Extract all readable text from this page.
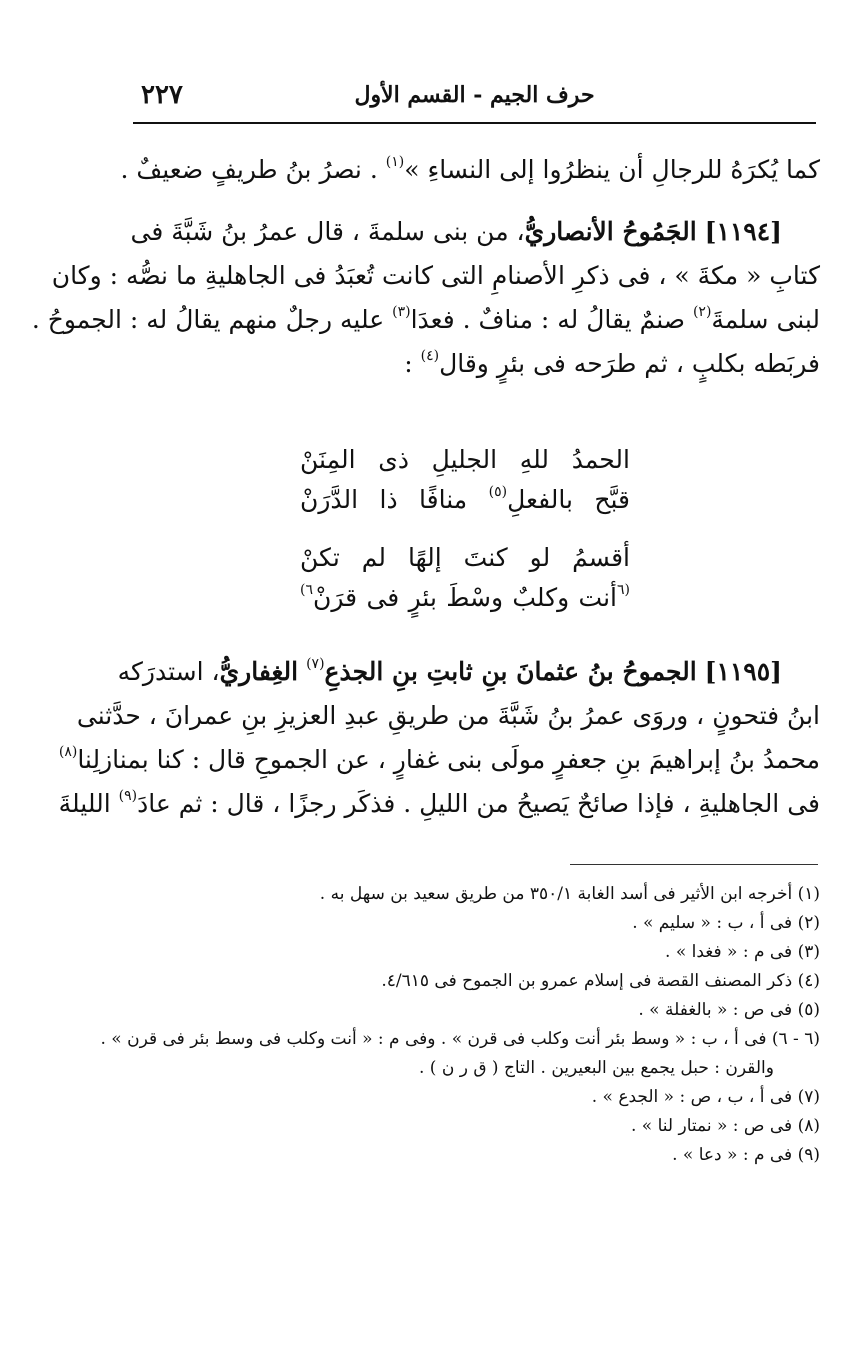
٢٢٧	حرف الجيم - القسم الأول
كما يُكرَهُ للرجالِ أن ينظرُوا إلى النساءِ »$^{(١)}$ . نصرُ بنُ طريفٍ ضعيفٌ .
[١١٩٤] الجَمُوحُ الأنصاريُّ، من بنى سلمةَ ، قال عمرُ بنُ شَبَّةَ فى
كتابِ « مكةَ » ، فى ذكرِ الأصنامِ التى كانت تُعبَدُ فى الجاهليةِ ما نصُّه : وكان
لبنى سلمةَ$^{(٢)}$ صنمٌ يقالُ له : منافٌ . فعدَا$^{(٣)}$ عليه رجلٌ منهم يقالُ له : الجموحُ .
فربَطه بكلبٍ ، ثم طرَحه فى بئرٍ وقال$^{(٤)}$ :
الحمدُ للهِ الجليلِ ذى المِنَنْ
قبَّح بالفعلِ$^{(٥)}$ منافًا ذا الدَّرَنْ
أقسمُ لو كنتَ إلهًا لم تكنْ
$^{(٦}$أنت وكلبٌ وسْطَ بئرٍ فى قرَنْ$^{٦)}$
[١١٩٥] الجموحُ بنُ عثمانَ بنِ ثابتِ بنِ الجذعِ$^{(٧)}$ الغِفاريُّ، استدرَكه
ابنُ فتحونٍ ، وروَى عمرُ بنُ شَبَّةَ من طريقِ عبدِ العزيزِ بنِ عمرانَ ، حدَّثنى
محمدُ بنُ إبراهيمَ بنِ جعفرٍ مولَى بنى غفارٍ ، عن الجموحِ قال : كنا بمنازلِنا$^{(٨)}$
فى الجاهليةِ ، فإذا صائحٌ يَصيحُ من الليلِ . فذكَر رجزًا ، قال : ثم عادَ$^{(٩)}$ الليلةَ
(١) أخرجه ابن الأثير فى أسد الغابة ٣٥٠/١ من طريق سعيد بن سهل به .
(٢) فى أ ، ب : « سليم » .
(٣) فى م : « فغدا » .
(٤) ذكر المصنف القصة فى إسلام عمرو بن الجموح فى ٤/٦١٥.
(٥) فى ص : « بالغفلة » .
(٦ - ٦) فى أ ، ب : « وسط بئر أنت وكلب فى قرن » . وفى م : « أنت وكلب فى وسط بئر فى قرن » .
والقرن : حبل يجمع بين البعيرين . التاج ( ق ر ن ) .
(٧) فى أ ، ب ، ص : « الجدع » .
(٨) فى ص : « نمتار لنا » .
(٩) فى م : « دعا » .
